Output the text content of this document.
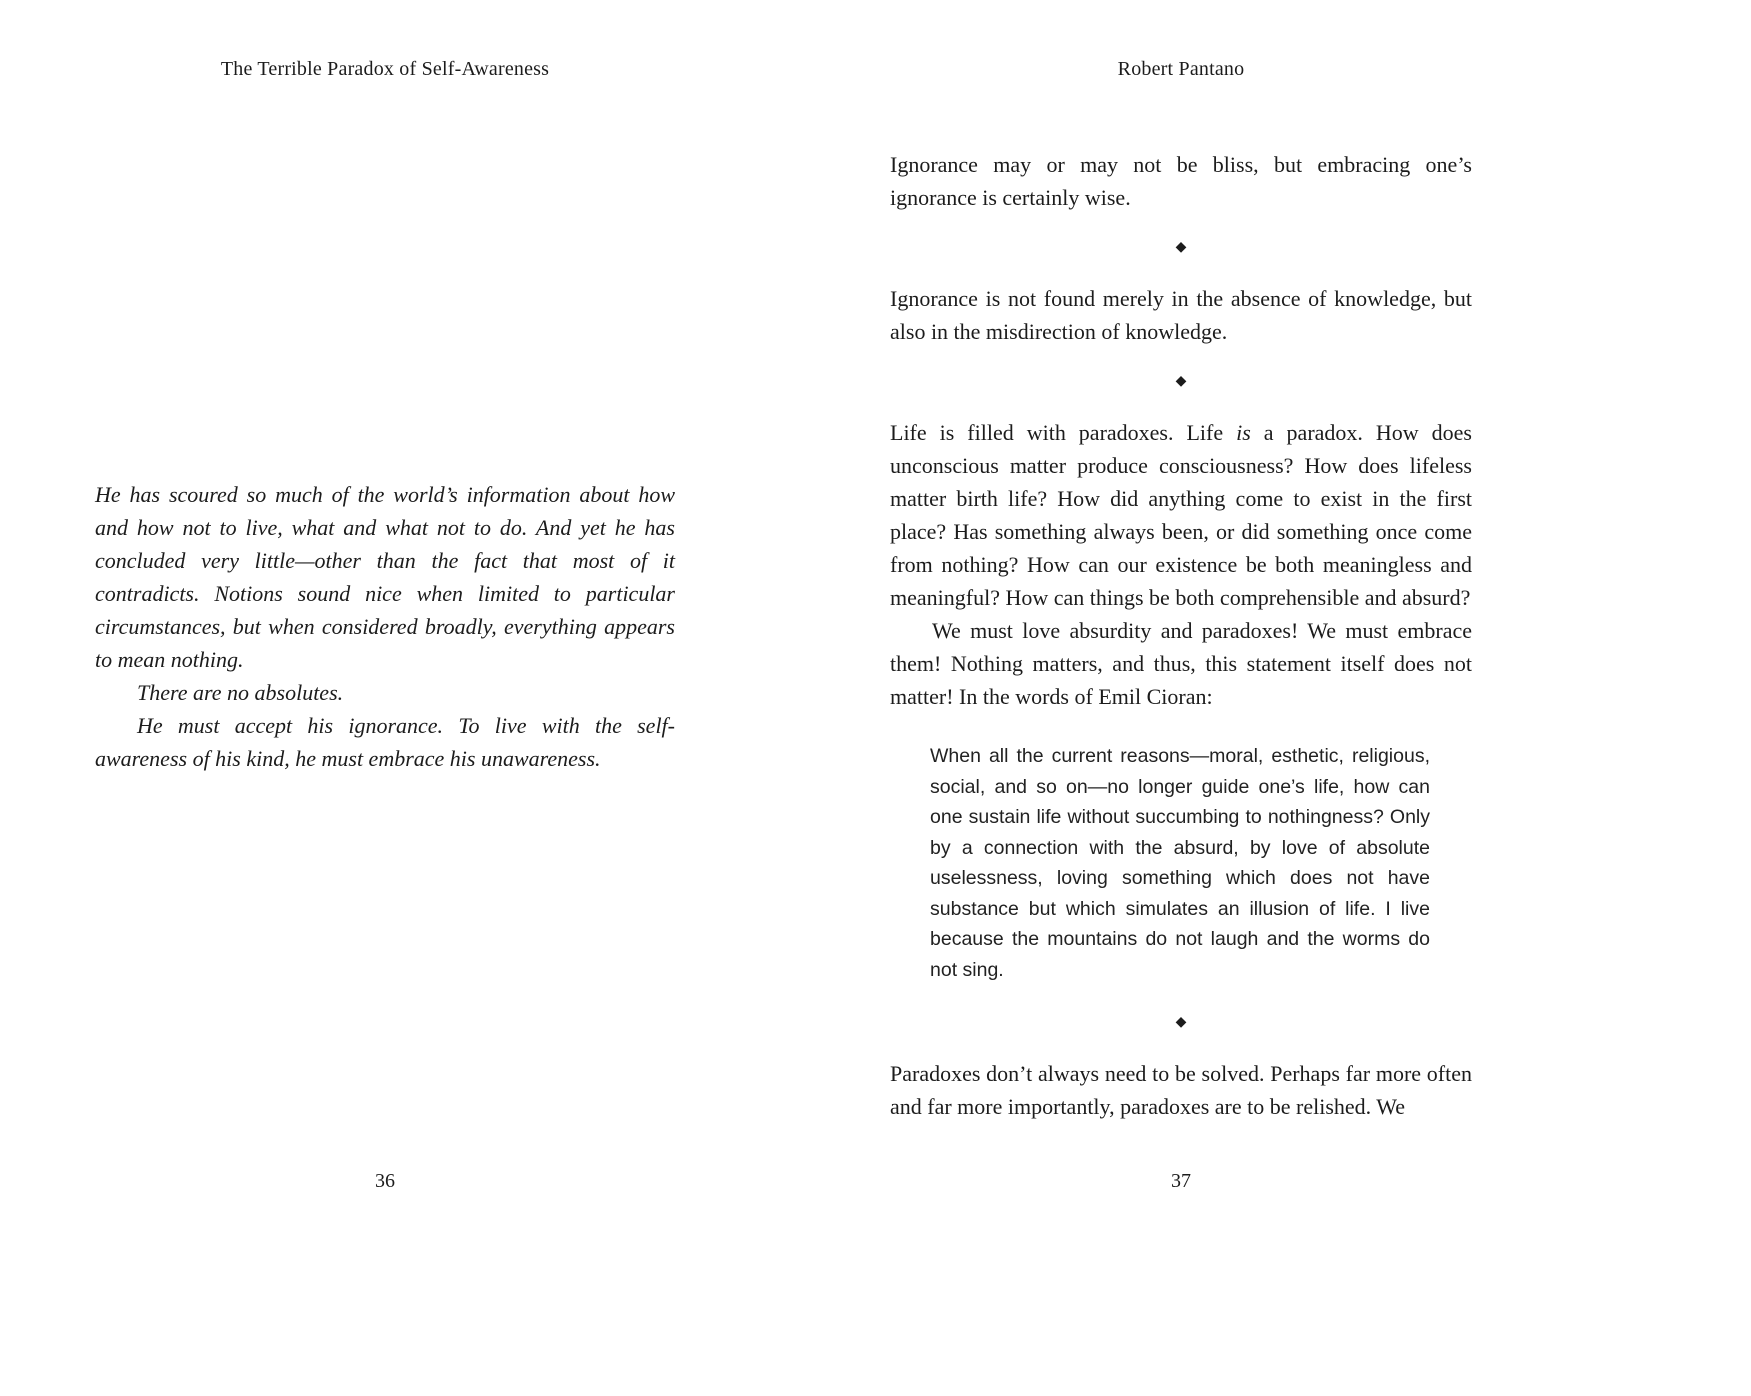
The Terrible Paradox of Self-Awareness

He has scoured so much of the world’s information about how and how not to live, what and what not to do. And yet he has concluded very little—other than the fact that most of it contradicts. Notions sound nice when limited to particular circumstances, but when considered broadly, everything appears to mean nothing.

There are no absolutes.

He must accept his ignorance. To live with the self-awareness of his kind, he must embrace his unawareness.

36
Robert Pantano

Ignorance may or may not be bliss, but embracing one’s ignorance is certainly wise.

◆

Ignorance is not found merely in the absence of knowledge, but also in the misdirection of knowledge.

◆

Life is filled with paradoxes. Life is a paradox. How does unconscious matter produce consciousness? How does lifeless matter birth life? How did anything come to exist in the first place? Has something always been, or did something once come from nothing? How can our existence be both meaningless and meaningful? How can things be both comprehensible and absurd?

We must love absurdity and paradoxes! We must embrace them! Nothing matters, and thus, this statement itself does not matter! In the words of Emil Cioran:

When all the current reasons—moral, esthetic, religious, social, and so on—no longer guide one’s life, how can one sustain life without succumbing to nothingness? Only by a connection with the absurd, by love of absolute uselessness, loving something which does not have substance but which simulates an illusion of life. I live because the mountains do not laugh and the worms do not sing.
◆

Paradoxes don’t always need to be solved. Perhaps far more often and far more importantly, paradoxes are to be relished. We

37
